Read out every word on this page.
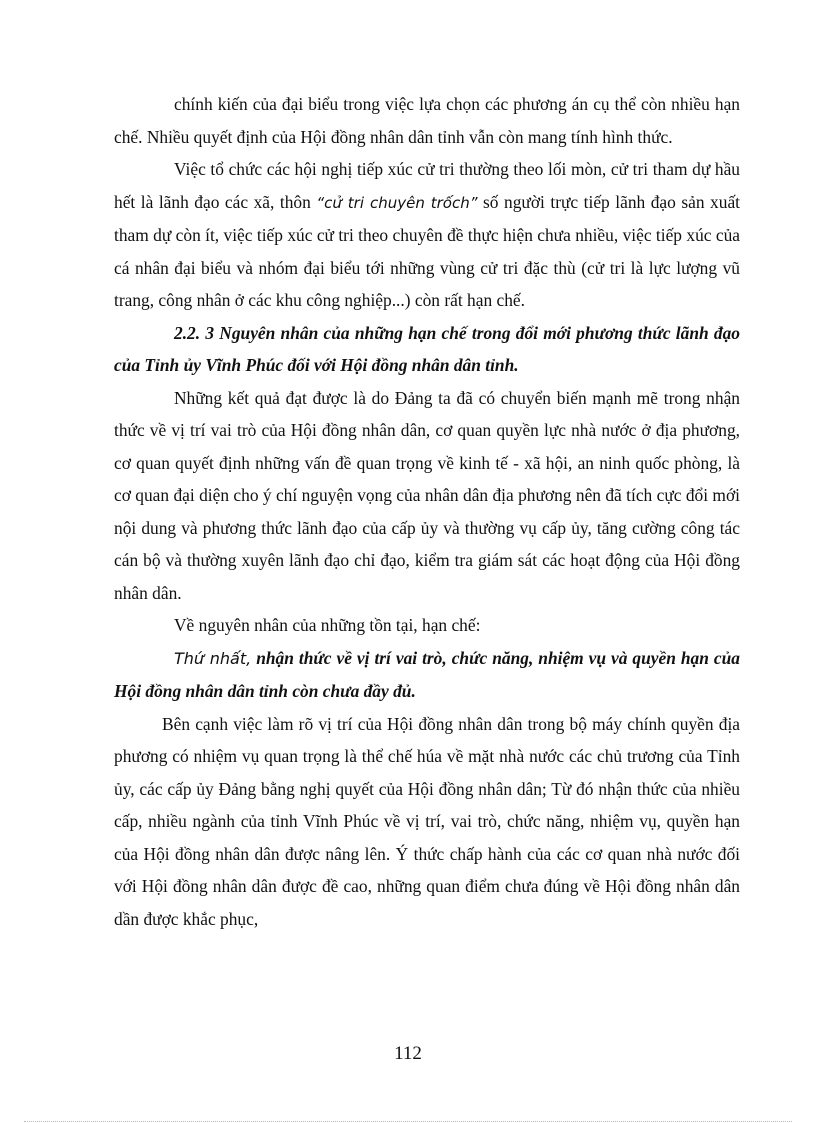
chính kiến của đại biểu trong việc lựa chọn các phương án cụ thể còn nhiều hạn chế. Nhiều quyết định của Hội đồng nhân dân tỉnh vẫn còn mang tính hình thức.

Việc tổ chức các hội nghị tiếp xúc cử tri thường theo lối mòn, cử tri tham dự hầu hết là lãnh đạo các xã, thôn “cử tri chuyên trốch” số người trực tiếp lãnh đạo sản xuất tham dự còn ít, việc tiếp xúc cử tri theo chuyên đề thực hiện chưa nhiều, việc tiếp xúc của cá nhân đại biểu và nhóm đại biểu tới những vùng cử tri đặc thù (cử tri là lực lượng vũ trang, công nhân ở các khu công nghiệp...) còn rất hạn chế.

2.2. 3 Nguyên nhân của những hạn chế trong đổi mới phương thức lãnh đạo của Tỉnh ủy Vĩnh Phúc đối với Hội đồng nhân dân tỉnh.

Những kết quả đạt được là do Đảng ta đã có chuyển biến mạnh mẽ trong nhận thức về vị trí vai trò của Hội đồng nhân dân, cơ quan quyền lực nhà nước ở địa phương, cơ quan quyết định những vấn đề quan trọng về kinh tế - xã hội, an ninh quốc phòng, là cơ quan đại diện cho ý chí nguyện vọng của nhân dân địa phương nên đã tích cực đổi mới nội dung và phương thức lãnh đạo của cấp ủy và thường vụ cấp ủy, tăng cường công tác cán bộ và thường xuyên lãnh đạo chỉ đạo, kiểm tra giám sát các hoạt động của Hội đồng nhân dân.

Về nguyên nhân của những tồn tại, hạn chế:

Thứ nhất, nhận thức về vị trí vai trò, chức năng, nhiệm vụ và quyền hạn của Hội đồng nhân dân tỉnh còn chưa đầy đủ.

Bên cạnh việc làm rõ vị trí của Hội đồng nhân dân trong bộ máy chính quyền địa phương có nhiệm vụ quan trọng là thể chế húa về mặt nhà nước các chủ trương của Tỉnh ủy, các cấp ủy Đảng bằng nghị quyết của Hội đồng nhân dân; Từ đó nhận thức của nhiều cấp, nhiều ngành của tỉnh Vĩnh Phúc về vị trí, vai trò, chức năng, nhiệm vụ, quyền hạn của Hội đồng nhân dân được nâng lên. Ý thức chấp hành của các cơ quan nhà nước đối với Hội đồng nhân dân được đề cao, những quan điểm chưa đúng về Hội đồng nhân dân dần được khắc phục,

112
